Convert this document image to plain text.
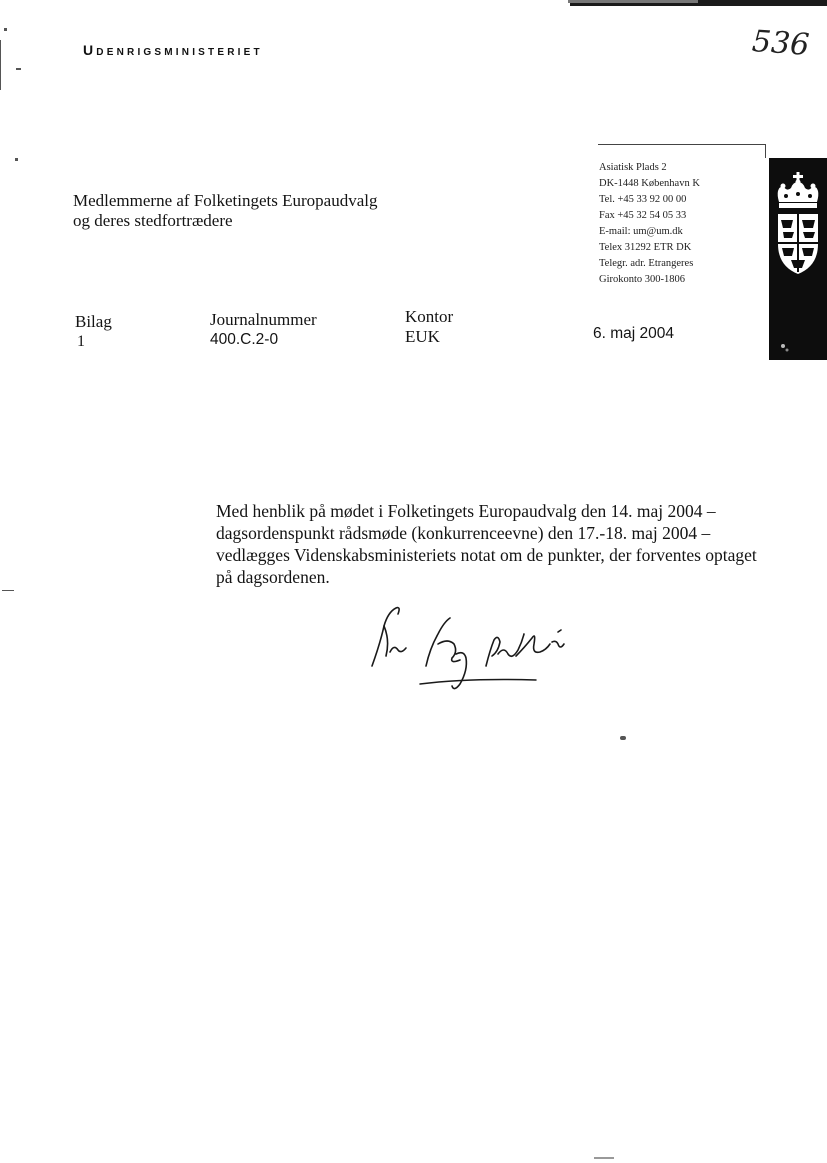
Udenrigsministeriet	536
Asiatisk Plads 2
DK-1448 København K
Tel. +45 33 92 00 00
Fax +45 32 54 05 33
E-mail: um@um.dk
Telex 31292 ETR DK
Telegr. adr. Etrangeres
Girokonto 300-1806
Medlemmerne af Folketingets Europaudvalg
og deres stedfortrædere
Bilag
1
Journalnummer
400.C.2-0
Kontor
EUK	6. maj 2004
Med henblik på mødet i Folketingets Europaudvalg den 14. maj 2004 – dagsordenspunkt rådsmøde (konkurrenceevne) den 17.-18. maj 2004 – vedlægges Videnskabsministeriets notat om de punkter, der forventes optaget på dagsordenen.
